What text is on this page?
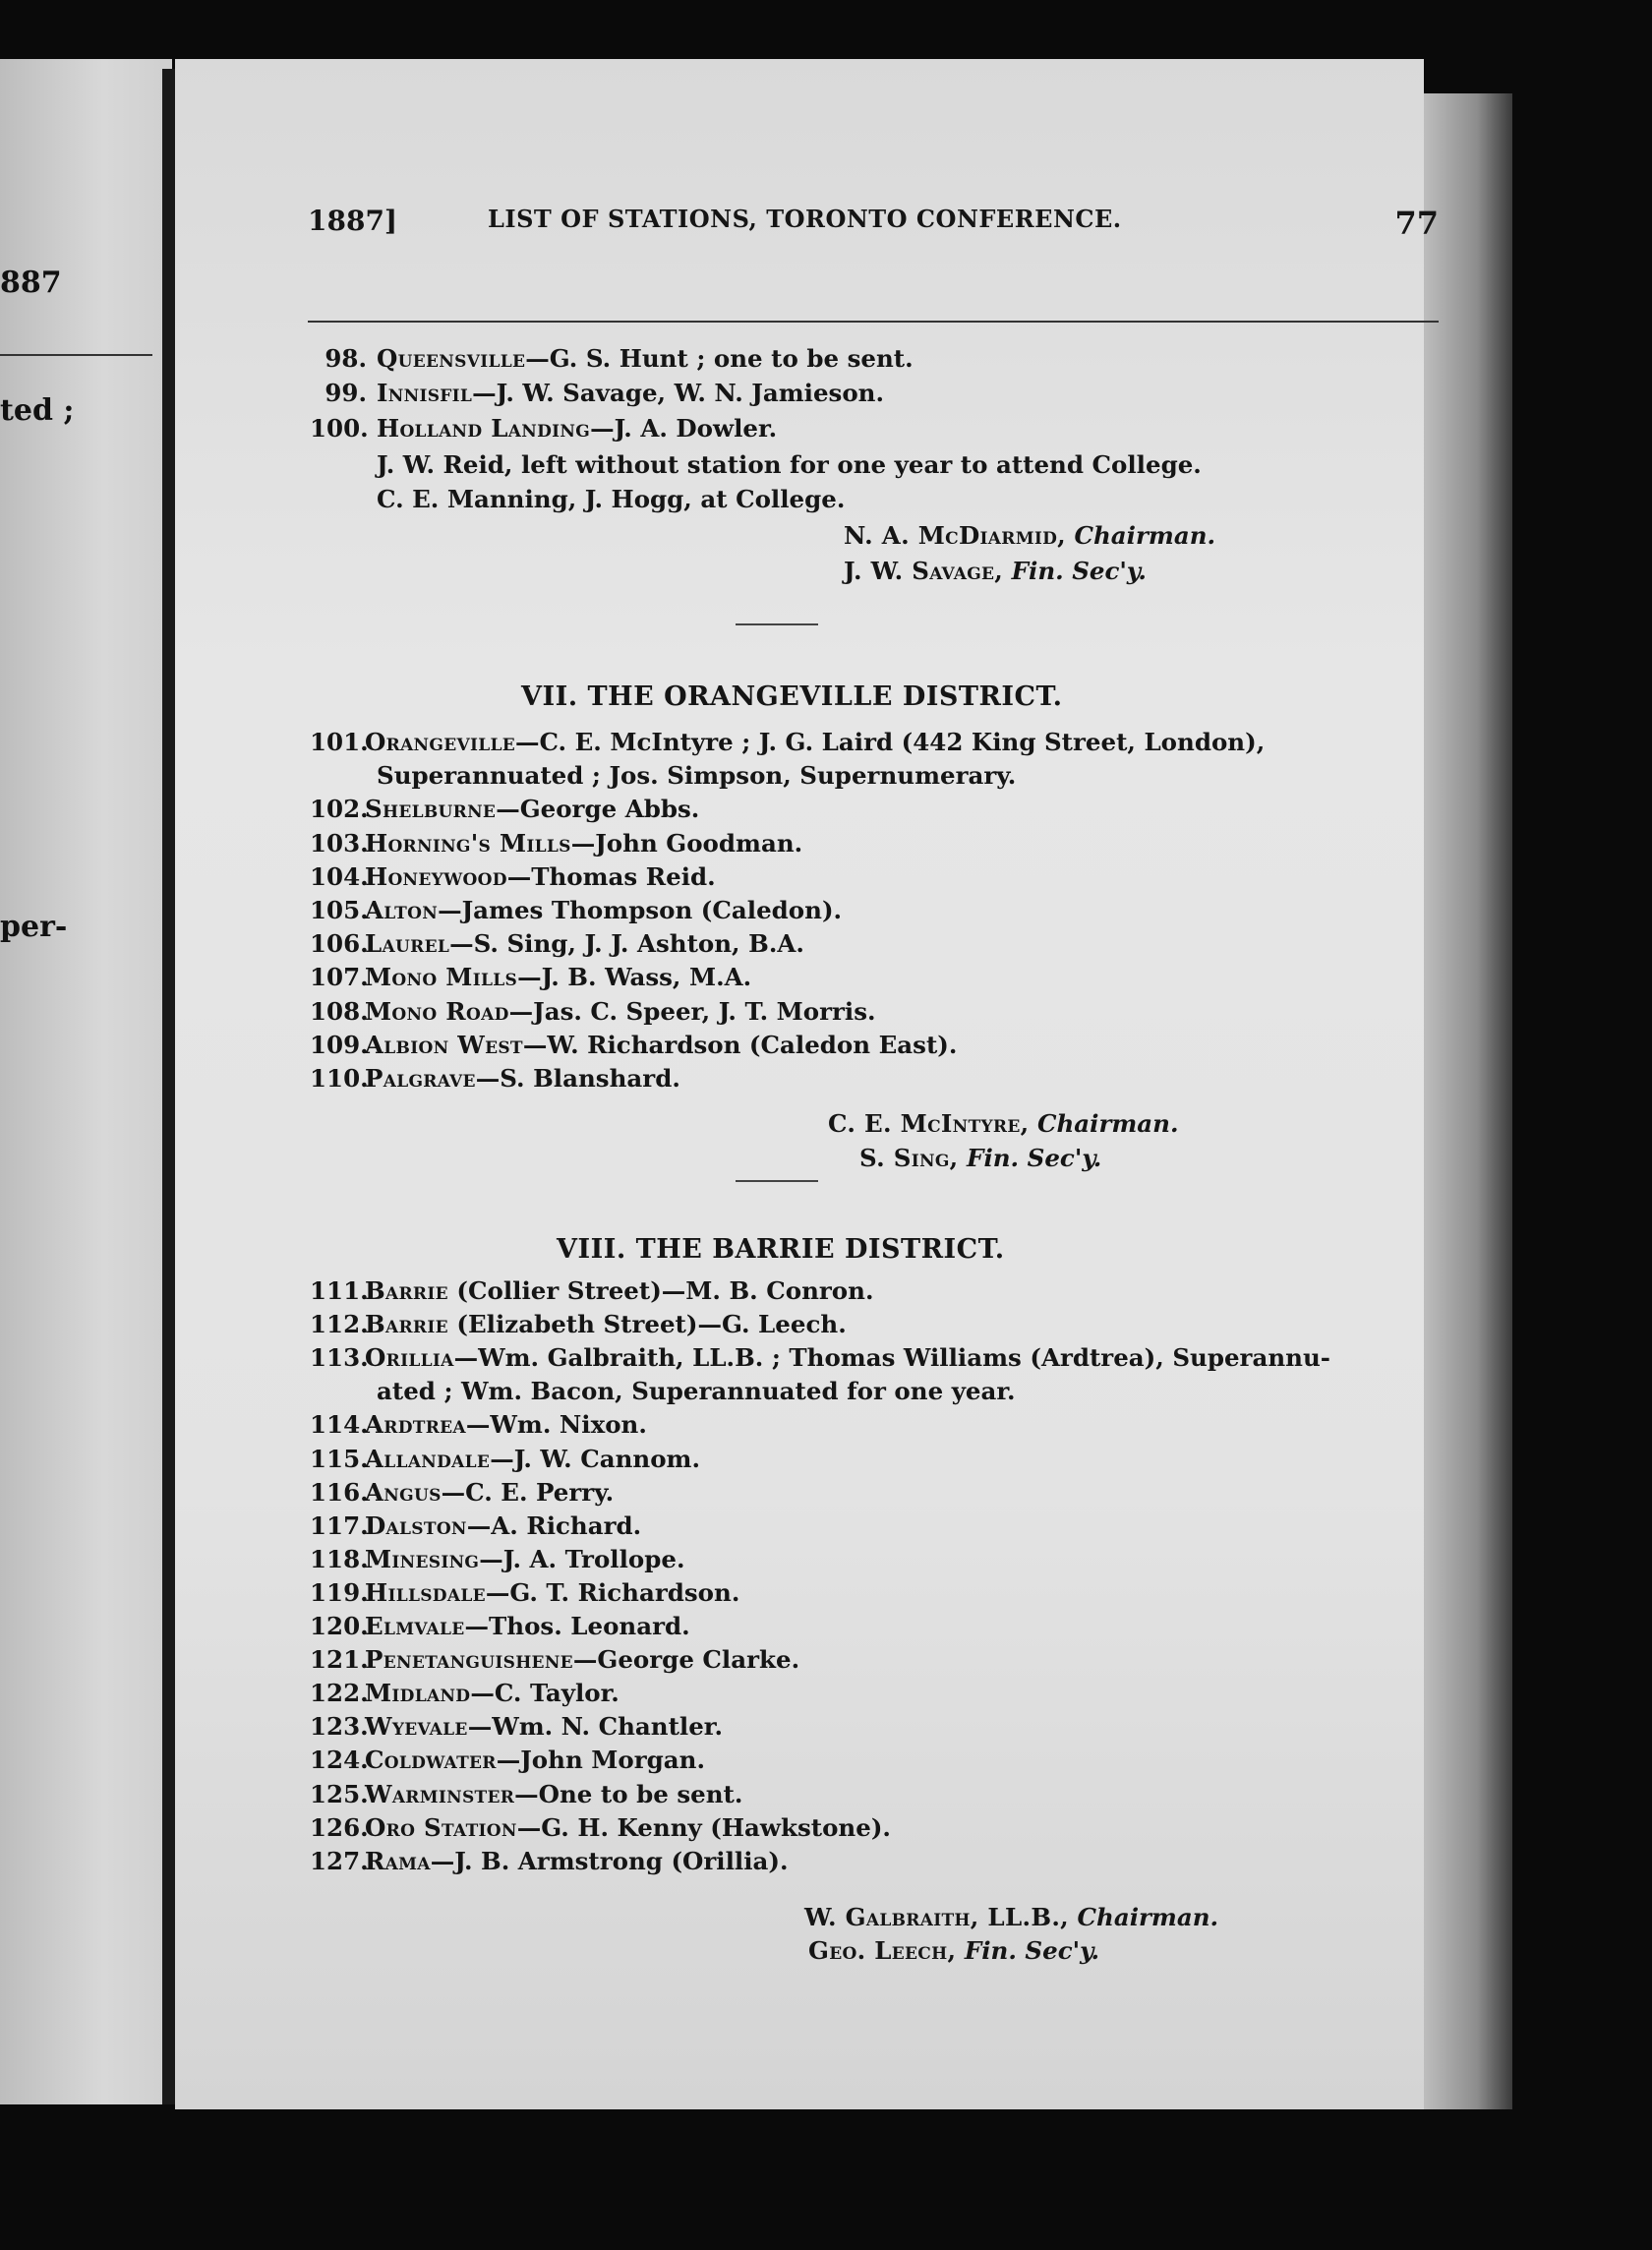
887
ted ;
per-
1887]	LIST OF STATIONS, TORONTO CONFERENCE.	77
98. Queensville—G. S. Hunt ; one to be sent.
99. Innisfil—J. W. Savage, W. N. Jamieson.
100. Holland Landing—J. A. Dowler.
J. W. Reid, left without station for one year to attend College.
C. E. Manning, J. Hogg, at College.
N. A. McDiarmid, Chairman.
J. W. Savage, Fin. Sec'y.
VII. THE ORANGEVILLE DISTRICT.
101.Orangeville—C. E. McIntyre ; J. G. Laird (442 King Street, London),
Superannuated ; Jos. Simpson, Supernumerary.
102.Shelburne—George Abbs.
103.Horning's Mills—John Goodman.
104.Honeywood—Thomas Reid.
105.Alton—James Thompson (Caledon).
106.Laurel—S. Sing, J. J. Ashton, B.A.
107.Mono Mills—J. B. Wass, M.A.
108.Mono Road—Jas. C. Speer, J. T. Morris.
109.Albion West—W. Richardson (Caledon East).
110.Palgrave—S. Blanshard.
C. E. McIntyre, Chairman.
S. Sing, Fin. Sec'y.
VIII. THE BARRIE DISTRICT.
111.Barrie (Collier Street)—M. B. Conron.
112.Barrie (Elizabeth Street)—G. Leech.
113.Orillia—Wm. Galbraith, LL.B. ; Thomas Williams (Ardtrea), Superannu-
ated ; Wm. Bacon, Superannuated for one year.
114.Ardtrea—Wm. Nixon.
115.Allandale—J. W. Cannom.
116.Angus—C. E. Perry.
117.Dalston—A. Richard.
118.Minesing—J. A. Trollope.
119.Hillsdale—G. T. Richardson.
120.Elmvale—Thos. Leonard.
121.Penetanguishene—George Clarke.
122.Midland—C. Taylor.
123.Wyevale—Wm. N. Chantler.
124.Coldwater—John Morgan.
125.Warminster—One to be sent.
126.Oro Station—G. H. Kenny (Hawkstone).
127.Rama—J. B. Armstrong (Orillia).
W. Galbraith, LL.B., Chairman.
Geo. Leech, Fin. Sec'y.
